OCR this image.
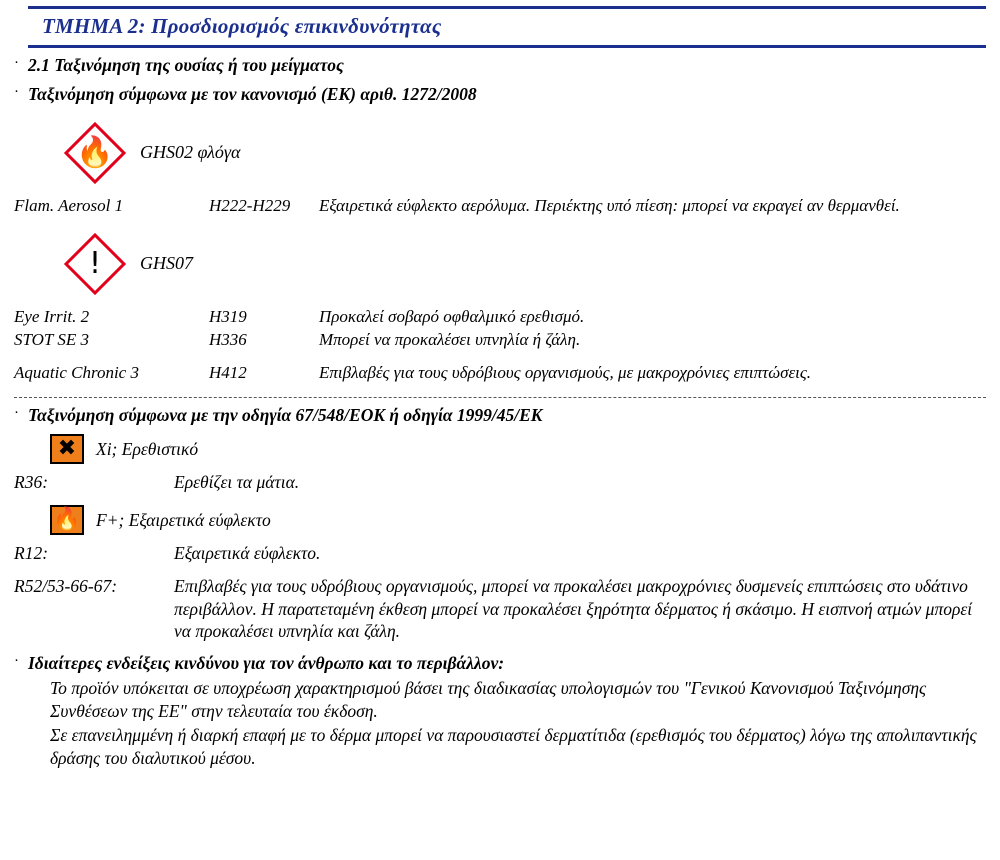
ΤΜΗΜΑ 2: Προσδιορισμός επικινδυνότητας
· 2.1 Ταξινόμηση της ουσίας ή του μείγματος
· Ταξινόμηση σύμφωνα με τον κανονισμό (ΕΚ) αριθ. 1272/2008
🔥	GHS02 φλόγα
Flam. Aerosol 1	H222-H229	Εξαιρετικά εύφλεκτο αερόλυμα. Περιέκτης υπό πίεση: μπορεί να εκραγεί αν θερμανθεί.
!	GHS07
Eye Irrit. 2	H319	Προκαλεί σοβαρό οφθαλμικό ερεθισμό.
STOT SE 3	H336	Μπορεί να προκαλέσει υπνηλία ή ζάλη.
Aquatic Chronic 3	H412	Επιβλαβές για τους υδρόβιους οργανισμούς, με μακροχρόνιες επιπτώσεις.
· Ταξινόμηση σύμφωνα με την οδηγία 67/548/ΕΟΚ ή οδηγία 1999/45/ΕΚ
✖ Xi; Ερεθιστικό
R36:	Ερεθίζει τα μάτια.
🔥 F+; Εξαιρετικά εύφλεκτο
R12:	Εξαιρετικά εύφλεκτο.
R52/53-66-67:	Επιβλαβές για τους υδρόβιους οργανισμούς, μπορεί να προκαλέσει μακροχρόνιες δυσμενείς επιπτώσεις στο υδάτινο περιβάλλον. Η παρατεταμένη έκθεση μπορεί να προκαλέσει ξηρότητα δέρματος ή σκάσιμο. Η εισπνοή ατμών μπορεί να προκαλέσει υπνηλία και ζάλη.
· Ιδιαίτερες ενδείξεις κινδύνου για τον άνθρωπο και το περιβάλλον:
Το προϊόν υπόκειται σε υποχρέωση χαρακτηρισμού βάσει της διαδικασίας υπολογισμών του "Γενικού Κανονισμού Ταξινόμησης Συνθέσεων της ΕΕ" στην τελευταία του έκδοση.
Σε επανειλημμένη ή διαρκή επαφή με το δέρμα μπορεί να παρουσιαστεί δερματίτιδα (ερεθισμός του δέρματος) λόγω της απολιπαντικής δράσης του διαλυτικού μέσου.
